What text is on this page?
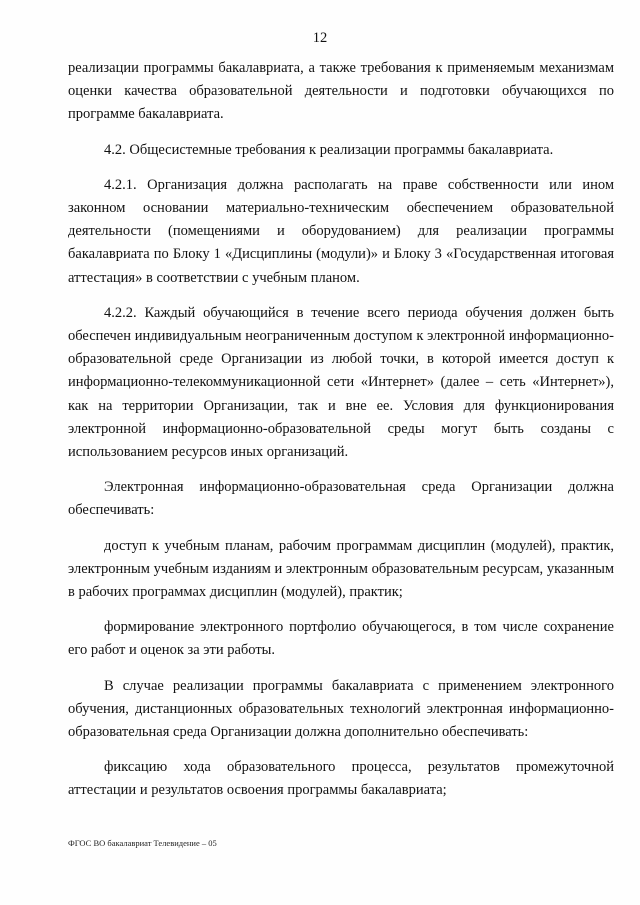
12

реализации программы бакалавриата, а также требования к применяемым механизмам оценки качества образовательной деятельности и подготовки обучающихся по программе бакалавриата.

4.2. Общесистемные требования к реализации программы бакалавриата.

4.2.1. Организация должна располагать на праве собственности или ином законном основании материально-техническим обеспечением образовательной деятельности (помещениями и оборудованием) для реализации программы бакалавриата по Блоку 1 «Дисциплины (модули)» и Блоку 3 «Государственная итоговая аттестация» в соответствии с учебным планом.

4.2.2. Каждый обучающийся в течение всего периода обучения должен быть обеспечен индивидуальным неограниченным доступом к электронной информационно-образовательной среде Организации из любой точки, в которой имеется доступ к информационно-телекоммуникационной сети «Интернет» (далее – сеть «Интернет»), как на территории Организации, так и вне ее. Условия для функционирования электронной информационно-образовательной среды могут быть созданы с использованием ресурсов иных организаций.

Электронная информационно-образовательная среда Организации должна обеспечивать:

доступ к учебным планам, рабочим программам дисциплин (модулей), практик, электронным учебным изданиям и электронным образовательным ресурсам, указанным в рабочих программах дисциплин (модулей), практик;

формирование электронного портфолио обучающегося, в том числе сохранение его работ и оценок за эти работы.

В случае реализации программы бакалавриата с применением электронного обучения, дистанционных образовательных технологий электронная информационно-образовательная среда Организации должна дополнительно обеспечивать:

фиксацию хода образовательного процесса, результатов промежуточной аттестации и результатов освоения программы бакалавриата;

ФГОС ВО бакалавриат Телевидение – 05
